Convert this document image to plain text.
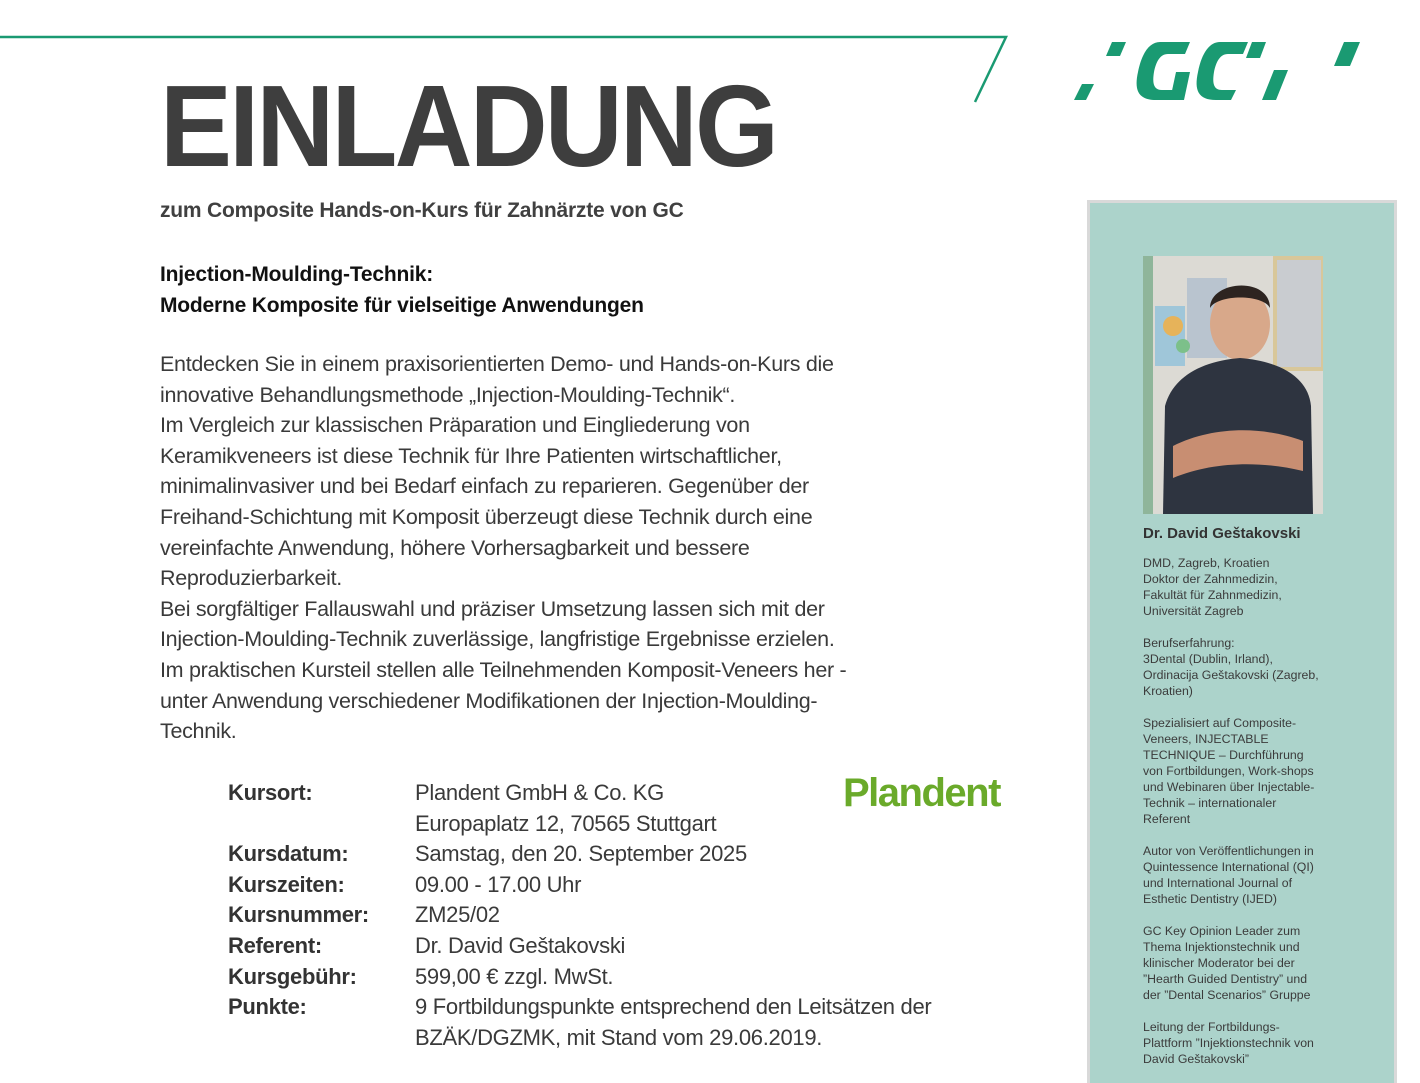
EINLADUNG
zum Composite Hands-on-Kurs für Zahnärzte von GC
Injection-Moulding-Technik:
Moderne Komposite für vielseitige Anwendungen

Entdecken Sie in einem praxisorientierten Demo- und Hands-on-Kurs die

innovative Behandlungsmethode „Injection-Moulding-Technik“.

Im Vergleich zur klassischen Präparation und Eingliederung von

Keramikveneers ist diese Technik für Ihre Patienten wirtschaftlicher,

minimalinvasiver und bei Bedarf einfach zu reparieren. Gegenüber der

Freihand-Schichtung mit Komposit überzeugt diese Technik durch eine

vereinfachte Anwendung, höhere Vorhersagbarkeit und bessere

Reproduzierbarkeit.

Bei sorgfältiger Fallauswahl und präziser Umsetzung lassen sich mit der

Injection-Moulding-Technik zuverlässige, langfristige Ergebnisse erzielen.

Im praktischen Kursteil stellen alle Teilnehmenden Komposit-Veneers her -

unter Anwendung verschiedener Modifikationen der Injection-Moulding-

Technik.

Kursort:	Plandent GmbH & Co. KG
Europaplatz 12, 70565 Stuttgart
Kursdatum:	Samstag, den 20. September 2025
Kurszeiten:	09.00 - 17.00 Uhr
Kursnummer:	ZM25/02
Referent:	Dr. David Geštakovski
Kursgebühr:	599,00 € zzgl. MwSt.
Punkte:	9 Fortbildungspunkte entsprechend den Leitsätzen der
BZÄK/DGZMK, mit Stand vom 29.06.2019.
Plandent

Dr. David Geštakovski

DMD, Zagreb, Kroatien
Doktor der Zahnmedizin,
Fakultät für Zahnmedizin,
Universität Zagreb

Berufserfahrung:
3Dental (Dublin, Irland),
Ordinacija Geštakovski (Zagreb,
Kroatien)

Spezialisiert auf Composite-
Veneers, INJECTABLE
TECHNIQUE – Durchführung
von Fortbildungen, Work-shops
und Webinaren über Injectable-
Technik – internationaler
Referent

Autor von Veröffentlichungen in
Quintessence International (QI)
und International Journal of
Esthetic Dentistry (IJED)

GC Key Opinion Leader zum
Thema Injektionstechnik und
klinischer Moderator bei der
”Hearth Guided Dentistry” und
der ”Dental Scenarios” Gruppe

Leitung der Fortbildungs-
Plattform ”Injektionstechnik von
David Geštakovski”
